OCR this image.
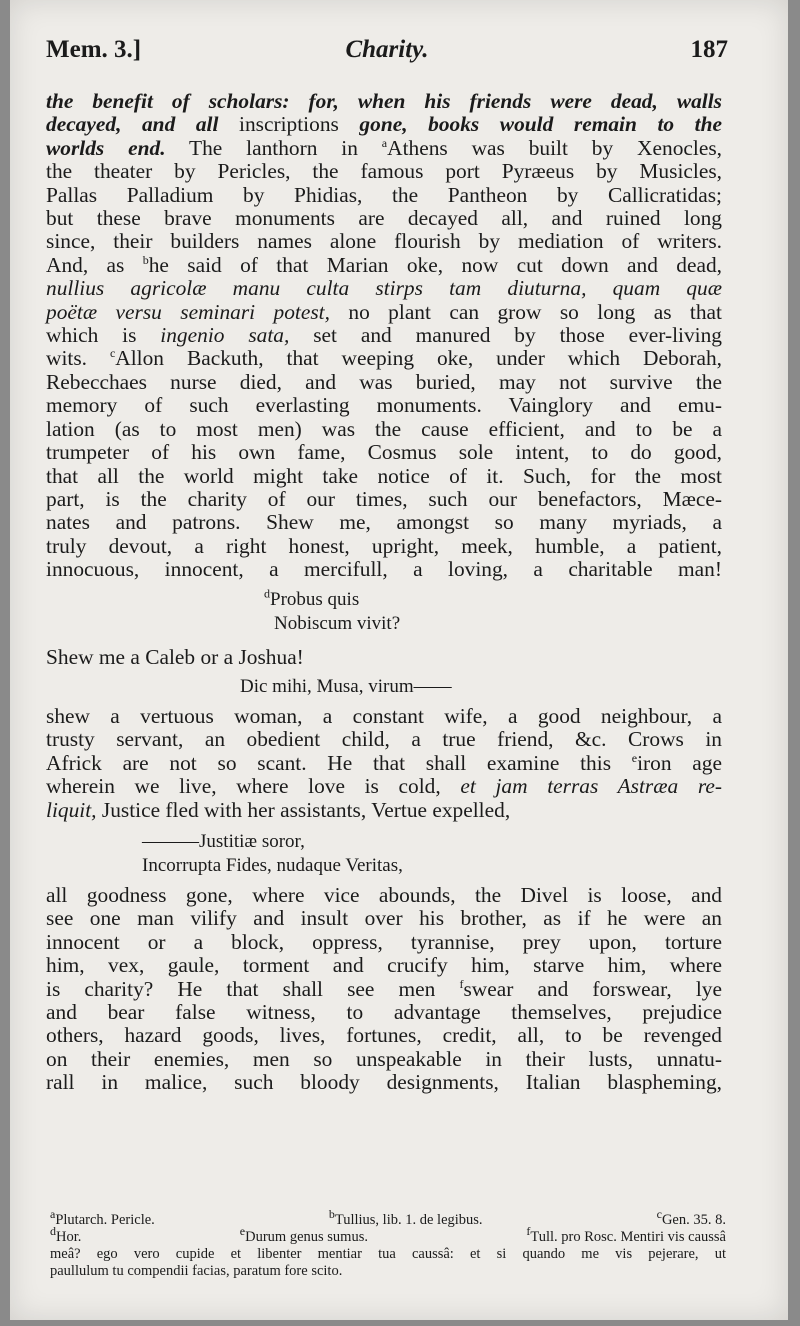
Mem. 3.]	Charity.	187
the benefit of scholars: for, when his friends were dead, walls
decayed, and all inscriptions gone, books would remain to the
worlds end. The lanthorn in $^a$Athens was built by Xenocles,
the theater by Pericles, the famous port Pyræeus by Musicles,
Pallas Palladium by Phidias, the Pantheon by Callicratidas;
but these brave monuments are decayed all, and ruined long
since, their builders names alone flourish by mediation of writers.
And, as $^b$he said of that Marian oke, now cut down and dead,
nullius agricolæ manu culta stirps tam diuturna, quam quæ
poëtæ versu seminari potest, no plant can grow so long as that
which is ingenio sata, set and manured by those ever-living
wits. $^c$Allon Backuth, that weeping oke, under which Deborah,
Rebecchaes nurse died, and was buried, may not survive the
memory of such everlasting monuments. Vainglory and emu-
lation (as to most men) was the cause efficient, and to be a
trumpeter of his own fame, Cosmus sole intent, to do good,
that all the world might take notice of it. Such, for the most
part, is the charity of our times, such our benefactors, Mæce-
nates and patrons. Shew me, amongst so many myriads, a
truly devout, a right honest, upright, meek, humble, a patient,
innocuous, innocent, a mercifull, a loving, a charitable man!
$^d$Probus quis
Nobiscum vivit?
Shew me a Caleb or a Joshua!
Dic mihi, Musa, virum——
shew a vertuous woman, a constant wife, a good neighbour, a
trusty servant, an obedient child, a true friend, &c. Crows in
Africk are not so scant. He that shall examine this $^e$iron age
wherein we live, where love is cold, et jam terras Astræa re-
liquit, Justice fled with her assistants, Vertue expelled,
———Justitiæ soror,
Incorrupta Fides, nudaque Veritas,
all goodness gone, where vice abounds, the Divel is loose, and
see one man vilify and insult over his brother, as if he were an
innocent or a block, oppress, tyrannise, prey upon, torture
him, vex, gaule, torment and crucify him, starve him, where
is charity? He that shall see men $^f$swear and forswear, lye
and bear false witness, to advantage themselves, prejudice
others, hazard goods, lives, fortunes, credit, all, to be revenged
on their enemies, men so unspeakable in their lusts, unnatu-
rall in malice, such bloody designments, Italian blaspheming,
$^a$Plutarch. Pericle.	$^b$Tullius, lib. 1. de legibus.	$^c$Gen. 35. 8.
$^d$Hor.	$^e$Durum genus sumus.	$^f$Tull. pro Rosc. Mentiri vis caussâ
meâ? ego vero cupide et libenter mentiar tua caussâ: et si quando me vis pejerare, ut
paullulum tu compendii facias, paratum fore scito.
